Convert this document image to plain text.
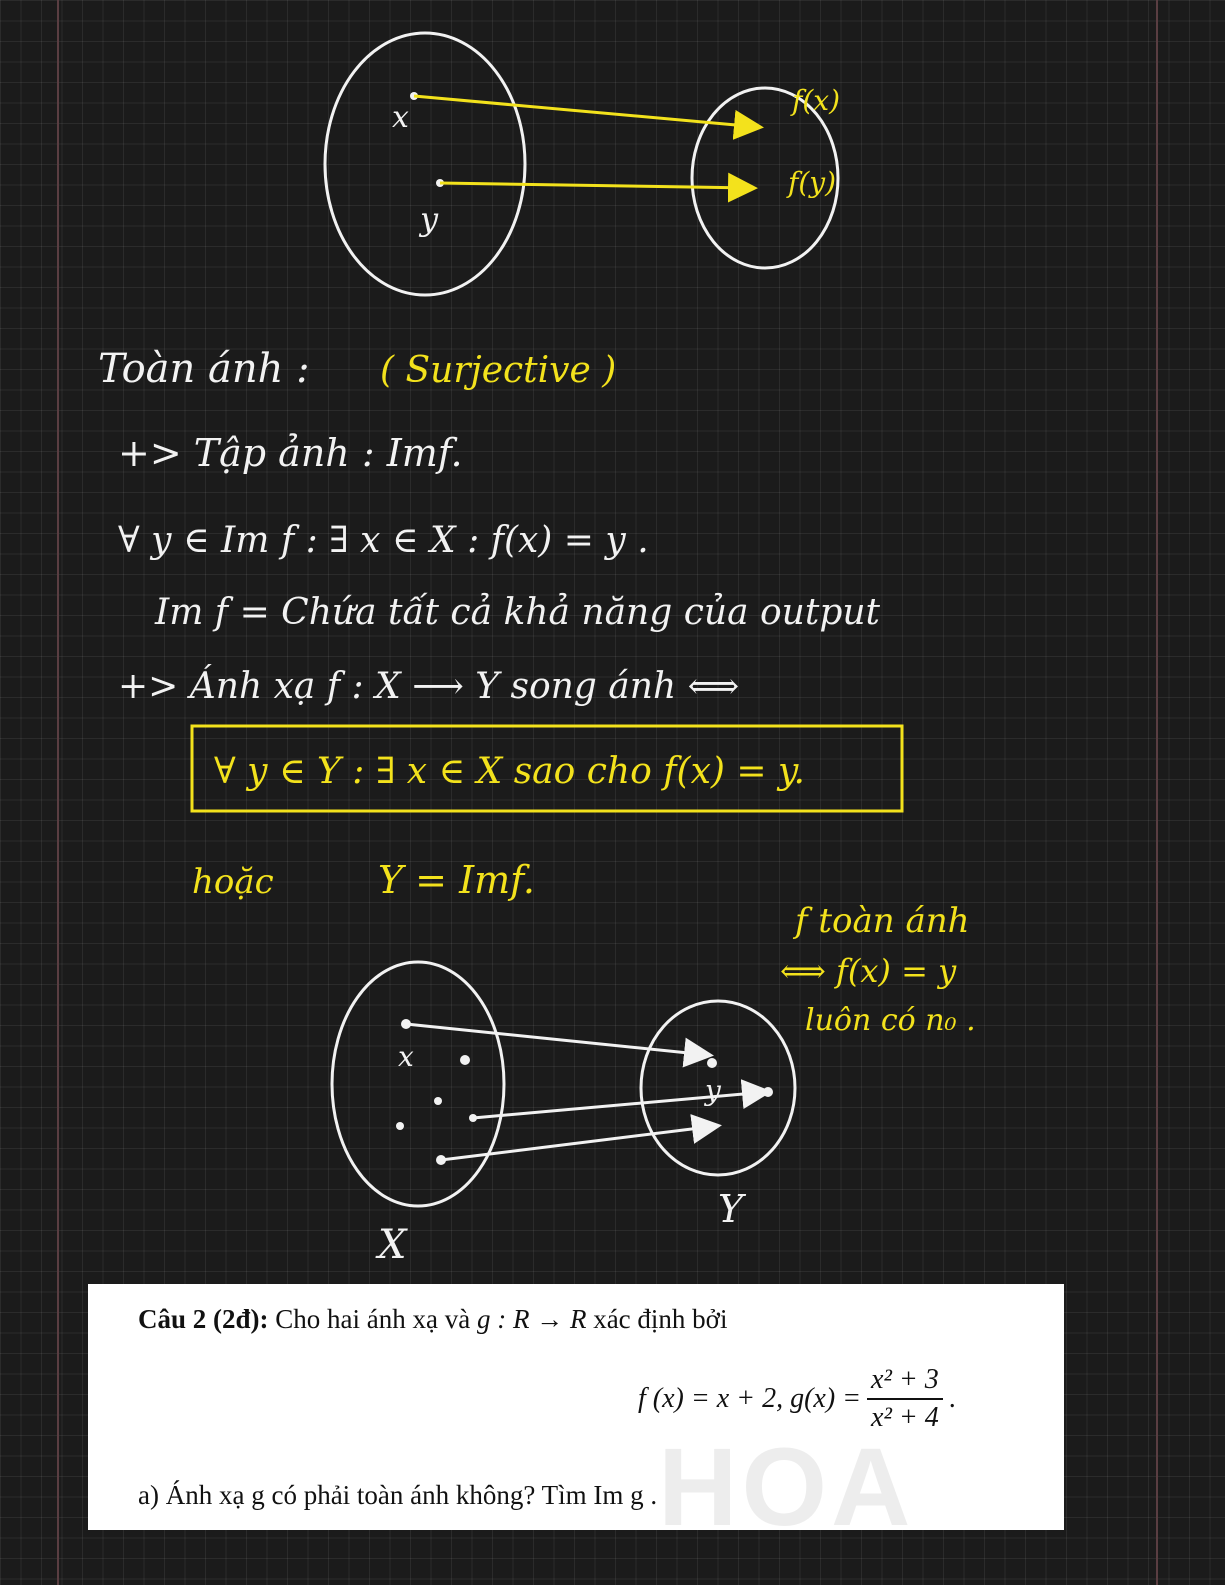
x
y
f(x)
f(y)
Toàn ánh : ( Surjective )
+> Tập ảnh : Imf.
∀ y ∈ Im f : ∃ x ∈ X : f(x) = y .
Im f = Chứa tất cả khả năng của output
+> Ánh xạ f : X ⟶ Y song ánh ⟺
∀ y ∈ Y : ∃ x ∈ X sao cho f(x) = y.
hoặc	Y = Imf.
f toàn ánh
⟺ f(x) = y
luôn có n₀ .
x
y
X
Y
HOA
Câu 2 (2đ): Cho hai ánh xạ và g : R → R xác định bởi
f (x) = x + 2, $g(x) = \frac{\text{x² + 3}}{\text{x² + 4}}$ .
a) Ánh xạ g có phải toàn ánh không? Tìm Im g .
